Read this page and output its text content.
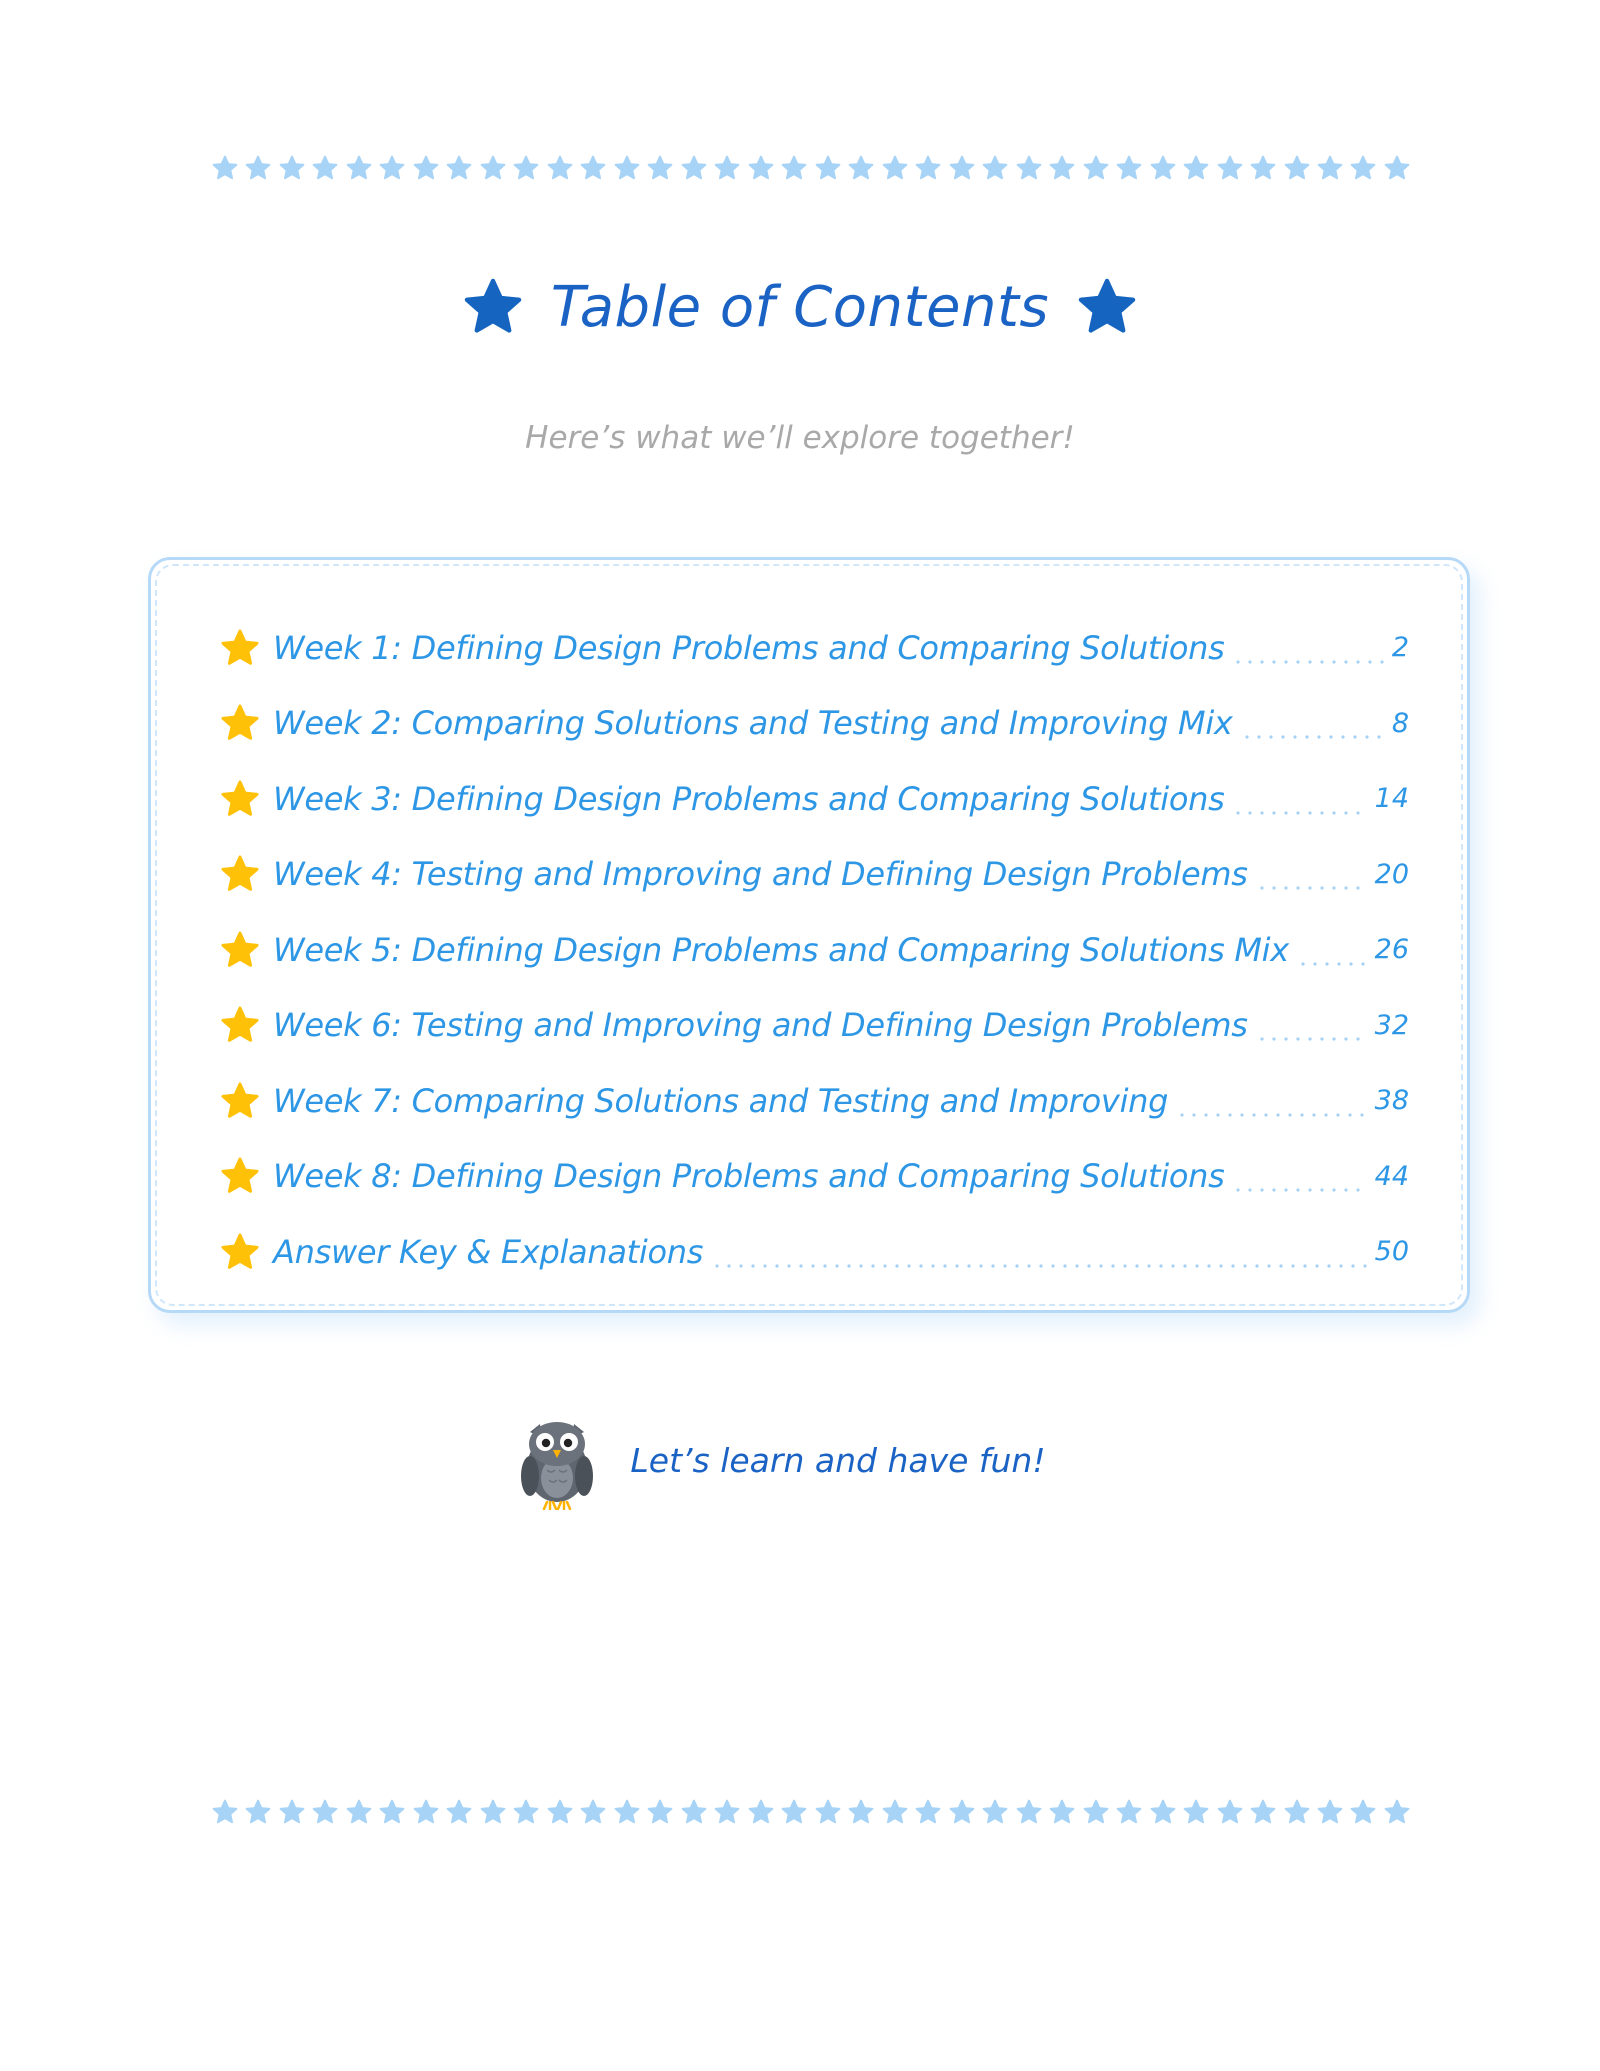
Table of Contents
Here’s what we’ll explore together!
Week 1: Defining Design Problems and Comparing Solutions	2
Week 2: Comparing Solutions and Testing and Improving Mix	8
Week 3: Defining Design Problems and Comparing Solutions	14
Week 4: Testing and Improving and Defining Design Problems	20
Week 5: Defining Design Problems and Comparing Solutions Mix	26
Week 6: Testing and Improving and Defining Design Problems	32
Week 7: Comparing Solutions and Testing and Improving	38
Week 8: Defining Design Problems and Comparing Solutions	44
Answer Key & Explanations	50
Let’s learn and have fun!
